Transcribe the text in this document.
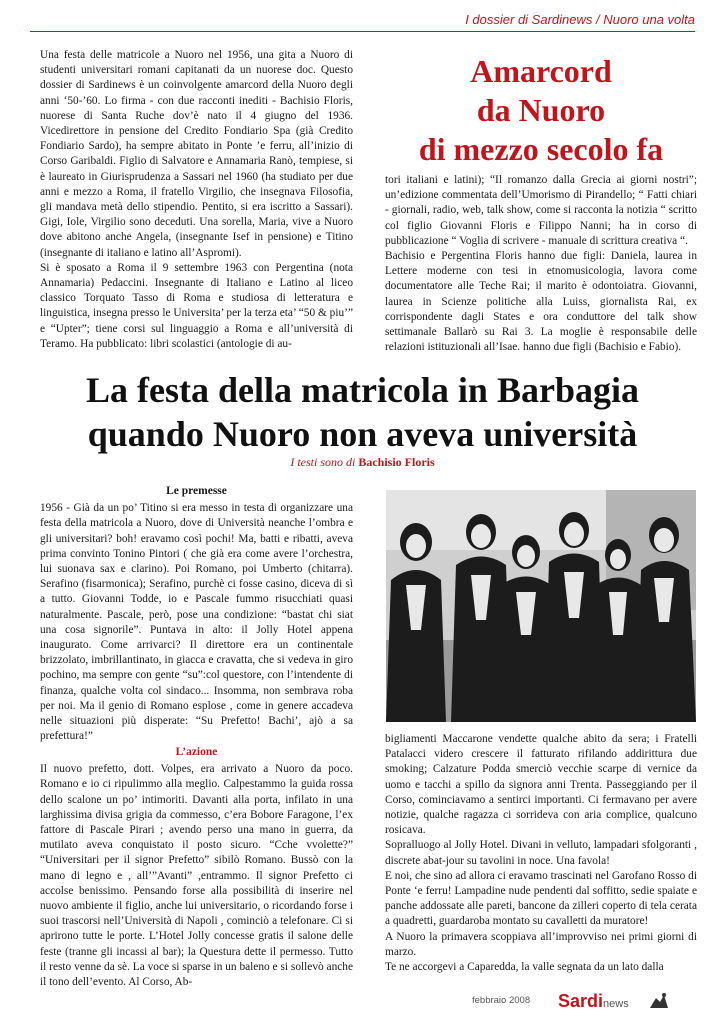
I dossier di Sardinews / Nuoro una volta

Una festa delle matricole a Nuoro nel 1956, una gita a Nuoro di studenti universitari romani capitanati da un nuorese doc. Questo dossier di Sardinews è un coinvolgente amarcord della Nuoro degli anni ‘50-’60. Lo firma - con due racconti inediti - Bachisio Floris, nuorese di Santa Ruche dov’è nato il 4 giugno del 1936. Vicedirettore in pensione del Credito Fondiario Spa (già Credito Fondiario Sardo), ha sempre abitato in Ponte ’e ferru, all’inizio di Corso Garibaldi. Figlio di Salvatore e Annamaria Ranò, tempiese, si è laureato in Giurisprudenza a Sassari nel 1960 (ha studiato per due anni e mezzo a Roma, il fratello Virgilio, che insegnava Filosofia, gli mandava metà dello stipendio. Pentito, si era iscritto a Sassari). Gigi, Iole, Virgilio sono deceduti. Una sorella, Maria, vive a Nuoro dove abitono anche Angela, (insegnante Isef in pensione) e Titino (insegnante di italiano e latino all’Aspromi).

Si è sposato a Roma il 9 settembre 1963 con Pergentina (nota Annamaria) Pedaccini. Insegnante di Italiano e Latino al liceo classico Torquato Tasso di Roma e studiosa di letteratura e linguistica, insegna presso le Universita’ per la terza eta’ “50 & piu’” e “Upter”; tiene corsi sul linguaggio a Roma e all’università di Teramo. Ha pubblicato: libri scolastici (antologie di au-

Amarcord
da Nuoro
di mezzo secolo fa

tori italiani e latini); “Il romanzo dalla Grecia ai giorni nostri”; un’edizione commentata dell’Umorismo di Pirandello; “ Fatti chiari - giornali, radio, web, talk show, come si racconta la notizia “ scritto col figlio Giovanni Floris e Filippo Nanni; ha in corso di pubblicazione “ Voglia di scrivere - manuale di scrittura creativa “.

Bachisio e Pergentina Floris hanno due figli: Daniela, laurea in Lettere moderne con tesi in etnomusicologia, lavora come documentatore alle Teche Rai; il marito è odontoiatra. Giovanni, laurea in Scienze politiche alla Luiss, giornalista Rai, ex corrispondente dagli States e ora conduttore del talk show settimanale Ballarò su Rai 3. La moglie è responsabile delle relazioni istituzionali all’Isae. hanno due figli (Bachisio e Fabio).

La festa della matricola in Barbagia
quando Nuoro non aveva università
I testi sono di Bachisio Floris
Le premesse

1956 - Già da un po’ Titino si era messo in testa di organizzare una festa della matricola a Nuoro, dove di Università neanche l’ombra e gli universitari? boh! eravamo così pochi! Ma, batti e ribatti, aveva prima convinto Tonino Pintori ( che già era come avere l’orchestra, lui suonava sax e clarino). Poi Romano, poi Umberto (chitarra). Serafino (fisarmonica); Serafino, purchè ci fosse casino, diceva di sì a tutto. Giovanni Todde, io e Pascale fummo risucchiati quasi naturalmente. Pascale, però, pose una condizione: “bastat chi siat una cosa signorile”. Puntava in alto: il Jolly Hotel appena inaugurato. Come arrivarci? Il direttore era un continentale brizzolato, imbrillantinato, in giacca e cravatta, che si vedeva in giro pochino, ma sempre con gente “su”:col questore, con l’intendente di finanza, qualche volta col sindaco... Insomma, non sembrava roba per noi. Ma il genio di Romano esplose , come in genere accadeva nelle situazioni più disperate: “Su Prefetto! Bachi’, ajò a sa prefettura!”

L’azione

Il nuovo prefetto, dott. Volpes, era arrivato a Nuoro da poco. Romano e io ci ripulimmo alla meglio. Calpestammo la guida rossa dello scalone un po’ intimoriti. Davanti alla porta, infilato in una larghissima divisa grigia da commesso, c’era Bobore Faragone, l’ex fattore di Pascale Pirari ; avendo perso una mano in guerra, da mutilato aveva conquistato il posto sicuro. “Cche vvolette?” “Universitari per il signor Prefetto” sibilò Romano. Bussò con la mano di legno e , all’”Avanti” ,entrammo. Il signor Prefetto ci accolse benissimo. Pensando forse alla possibilità di inserire nel nuovo ambiente il figlio, anche lui universitario, o ricordando forse i suoi trascorsi nell’Università di Napoli , cominciò a telefonare. Ci si aprirono tutte le porte. L’Hotel Jolly concesse gratis il salone delle feste (tranne gli incassi al bar); la Questura dette il permesso. Tutto il resto venne da sè. La voce si sparse in un baleno e si sollevò anche il tono dell’evento. Al Corso, Ab-

bigliamenti Maccarone vendette qualche abito da sera; i Fratelli Patalacci videro crescere il fatturato rifilando addirittura due smoking; Calzature Podda smerciò vecchie scarpe di vernice da uomo e tacchi a spillo da signora anni Trenta. Passeggiando per il Corso, cominciavamo a sentirci importanti. Ci fermavano per avere notizie, qualche ragazza ci sorrideva con aria complice, qualcuno rosicava.

Sopralluogo al Jolly Hotel. Divani in velluto, lampadari sfolgoranti , discrete abat-jour su tavolini in noce. Una favola!

E noi, che sino ad allora ci eravamo trascinati nel Garofano Rosso di Ponte ‘e ferru! Lampadine nude pendenti dal soffitto, sedie spaiate e panche addossate alle pareti, bancone da zilleri coperto di tela cerata a quadretti, guardaroba montato su cavalletti da muratore!

A Nuoro la primavera scoppiava all’improvviso nei primi giorni di marzo.

Te ne accorgevi a Caparedda, la valle segnata da un lato dalla

febbraio 2008 Sardinews
